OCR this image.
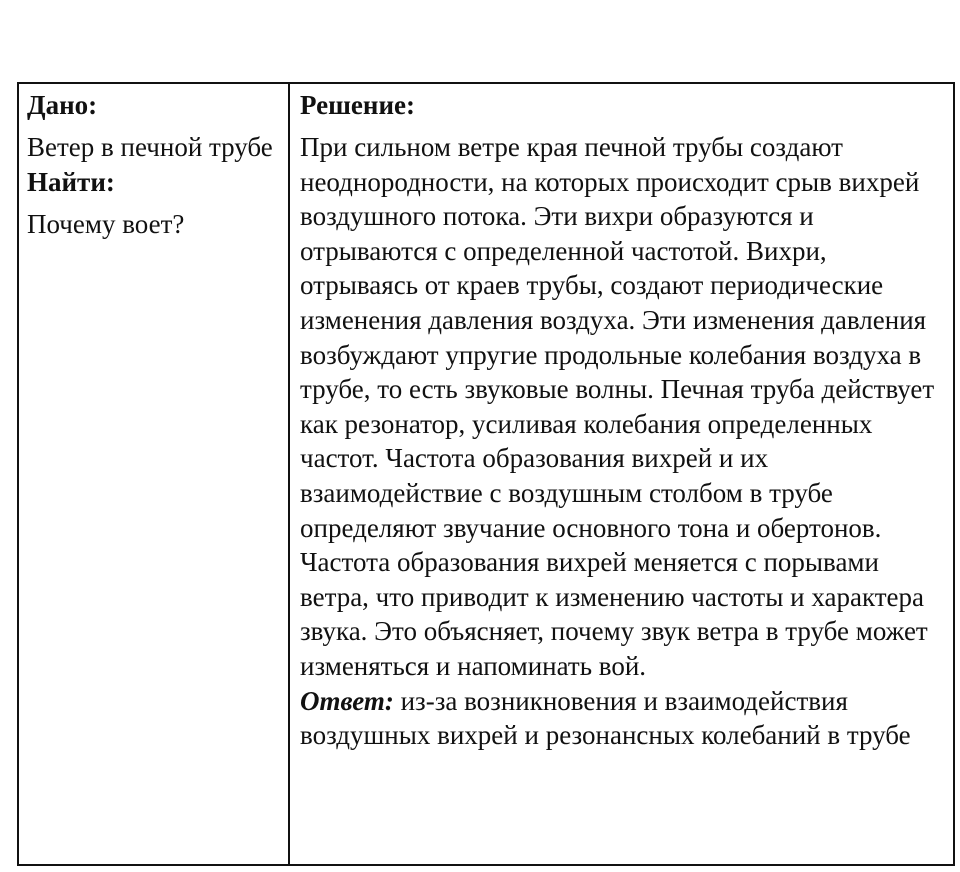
Дано:

Ветер в печной трубе

Найти:

Почему воет?

Решение:

При сильном ветре края печной трубы создают неоднородности, на которых происходит срыв вихрей воздушного потока. Эти вихри образуются и отрываются с определенной частотой. Вихри, отрываясь от краев трубы, создают периодические изменения давления воздуха. Эти изменения давления возбуждают упругие продольные колебания воздуха в трубе, то есть звуковые волны. Печная труба действует как резонатор, усиливая колебания определенных частот. Частота образования вихрей и их взаимодействие с воздушным столбом в трубе определяют звучание основного тона и обертонов. Частота образования вихрей меняется с порывами ветра, что приводит к изменению частоты и характера звука. Это объясняет, почему звук ветра в трубе может изменяться и напоминать вой.

Ответ: из-за возникновения и взаимодействия воздушных вихрей и резонансных колебаний в трубе
